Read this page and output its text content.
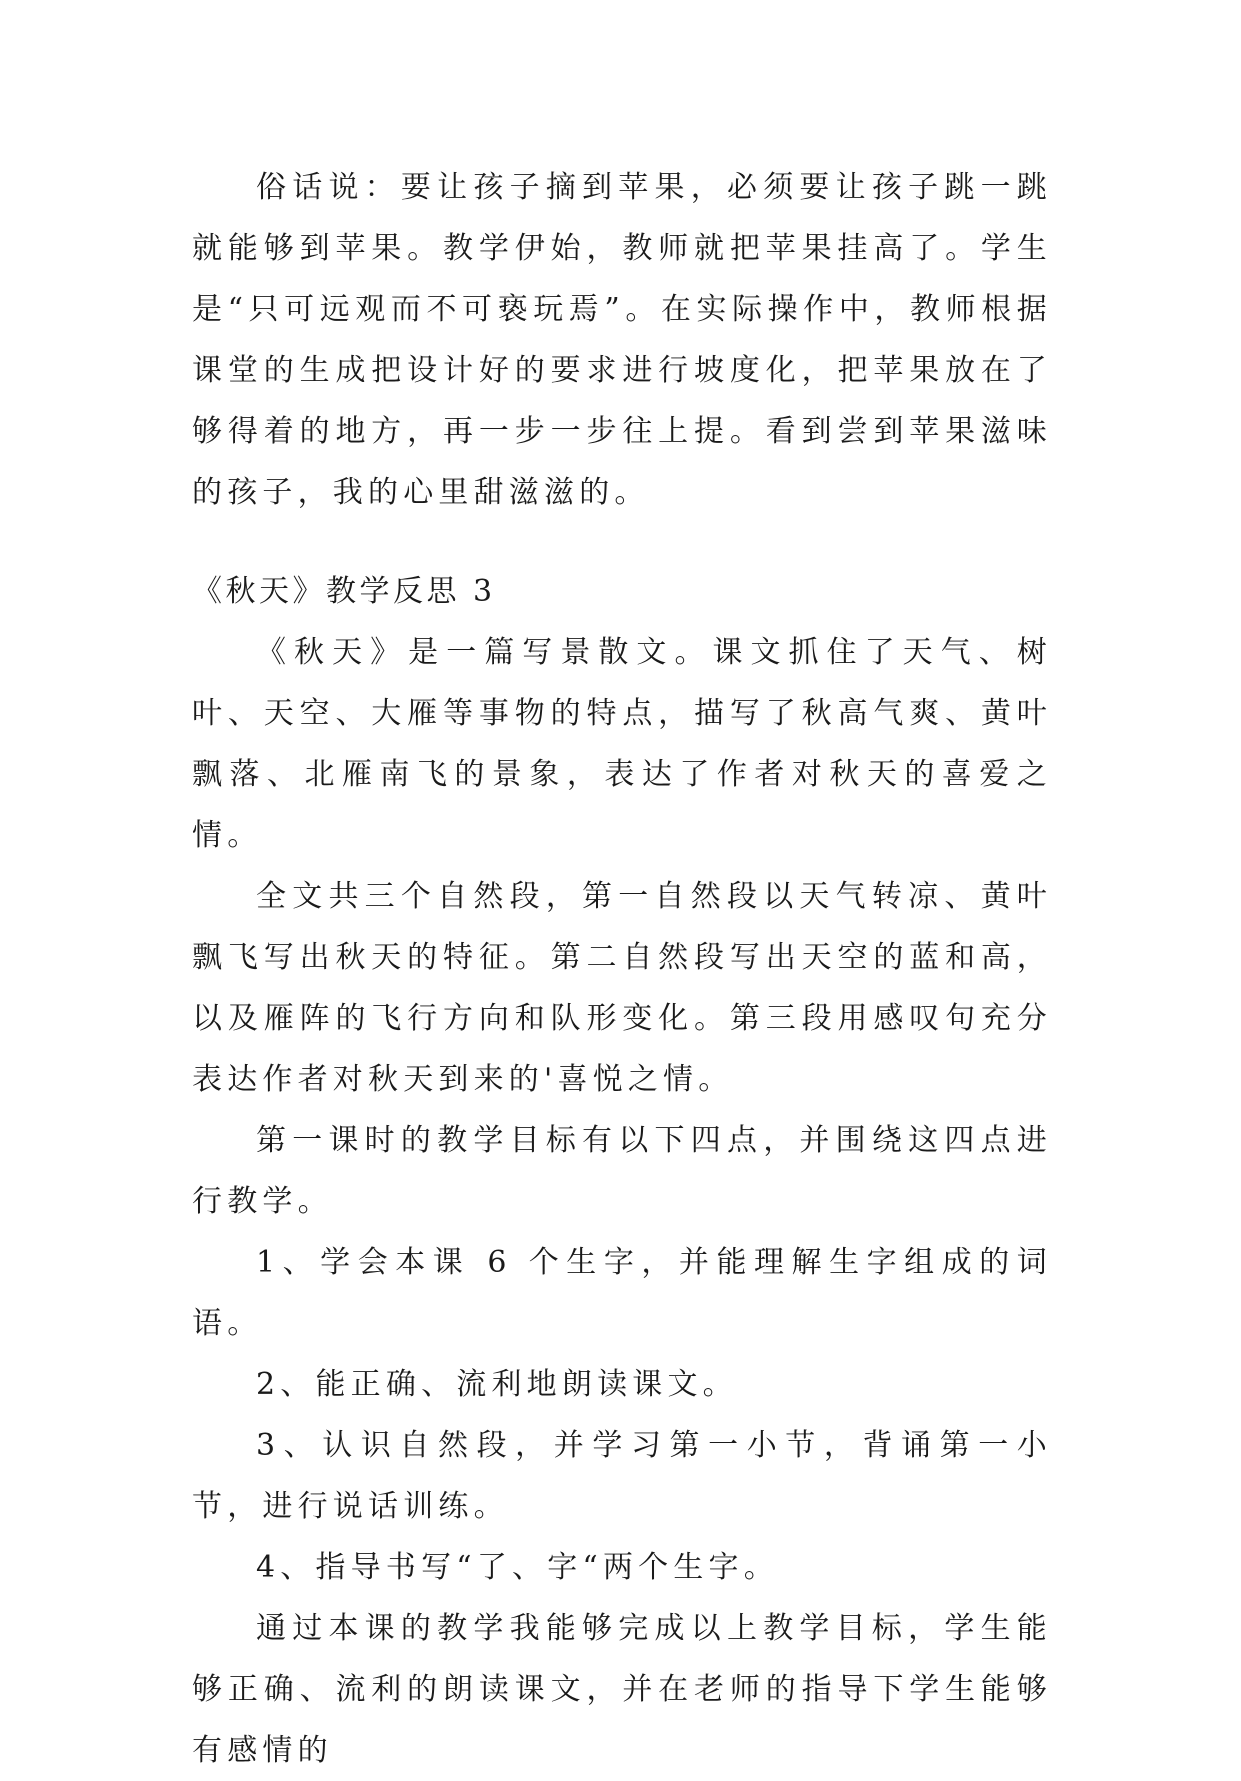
俗话说：要让孩子摘到苹果，必须要让孩子跳一跳就能够到苹果。教学伊始，教师就把苹果挂高了。学生是“只可远观而不可亵玩焉”。在实际操作中，教师根据课堂的生成把设计好的要求进行坡度化，把苹果放在了够得着的地方，再一步一步往上提。看到尝到苹果滋味的孩子，我的心里甜滋滋的。

《秋天》教学反思 3

《秋天》是一篇写景散文。课文抓住了天气、树叶、天空、大雁等事物的特点，描写了秋高气爽、黄叶飘落、北雁南飞的景象，表达了作者对秋天的喜爱之情。

全文共三个自然段，第一自然段以天气转凉、黄叶飘飞写出秋天的特征。第二自然段写出天空的蓝和高，以及雁阵的飞行方向和队形变化。第三段用感叹句充分表达作者对秋天到来的'喜悦之情。

第一课时的教学目标有以下四点，并围绕这四点进行教学。

1、学会本课 6 个生字，并能理解生字组成的词语。

2、能正确、流利地朗读课文。

3、认识自然段，并学习第一小节，背诵第一小节，进行说话训练。

4、指导书写“了、字“两个生字。

通过本课的教学我能够完成以上教学目标，学生能够正确、流利的朗读课文，并在老师的指导下学生能够有感情的
